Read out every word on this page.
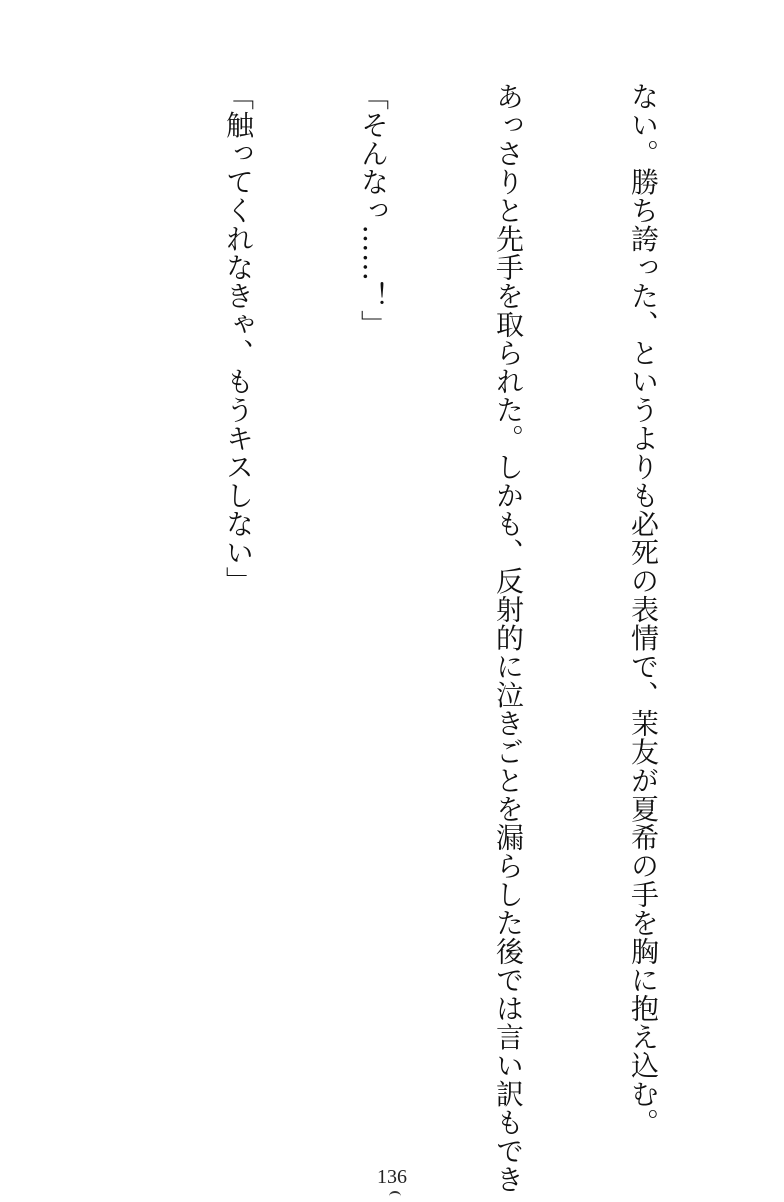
ない。勝ち誇った、というよりも必死の表情で、茉友が夏希の手を胸に抱え込む。

あっさりと先手を取られた。しかも、反射的に泣きごとを漏らした後では言い訳もでき

「そんなっ……！」

「触ってくれなきゃ、もうキスしない」

136
